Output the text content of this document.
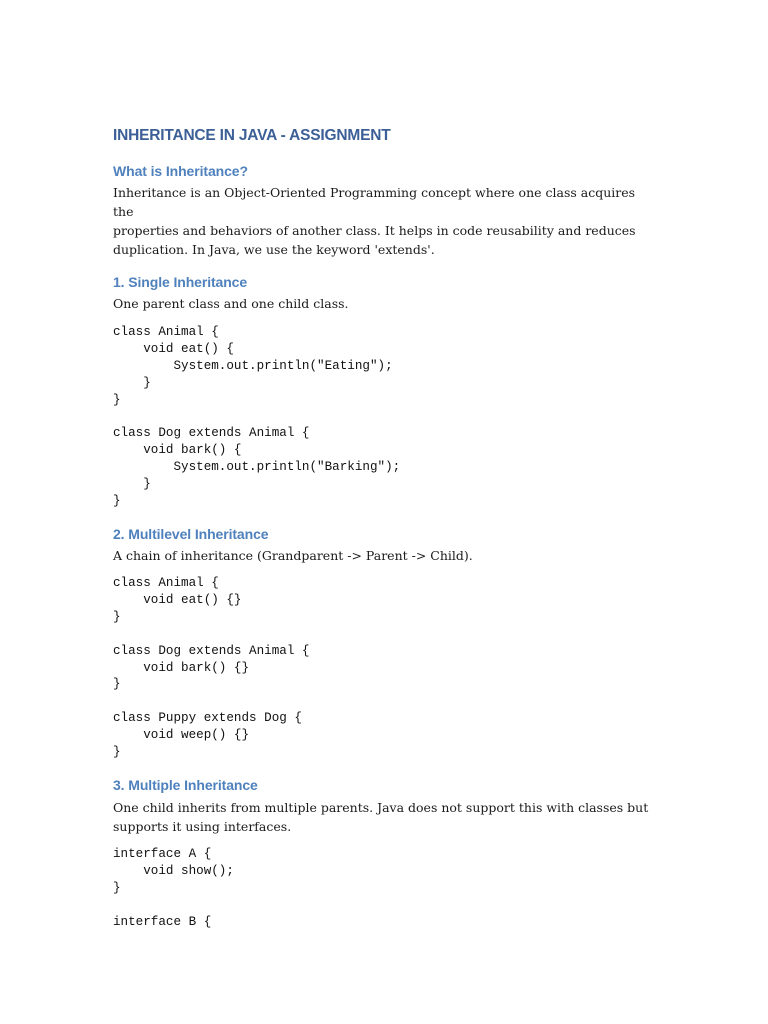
INHERITANCE IN JAVA - ASSIGNMENT
What is Inheritance?

Inheritance is an Object-Oriented Programming concept where one class acquires the
properties and behaviors of another class. It helps in code reusability and reduces
duplication. In Java, we use the keyword 'extends'.

1. Single Inheritance

One parent class and one child class.

class Animal {
void eat() {
System.out.println("Eating");
}
}

class Dog extends Animal {
void bark() {
System.out.println("Barking");
}
}
2. Multilevel Inheritance

A chain of inheritance (Grandparent -> Parent -> Child).

class Animal {
void eat() {}
}

class Dog extends Animal {
void bark() {}
}

class Puppy extends Dog {
void weep() {}
}
3. Multiple Inheritance

One child inherits from multiple parents. Java does not support this with classes but
supports it using interfaces.

interface A {
void show();
}

interface B {
